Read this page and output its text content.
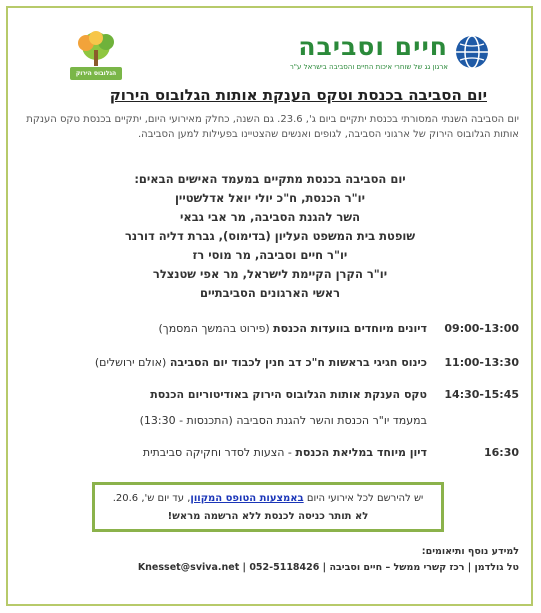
חיים וסביבה
ארגון גג של שוחרי איכות החיים והסביבה בישראל ע"ר
הגלובוס הירוק
יום הסביבה בכנסת וטקס הענקת אותות הגלובוס הירוק

יום הסביבה השנתי המסורתי בכנסת יתקיים ביום ג', 23.6. גם השנה, כחלק מאירועי היום, יתקיים בכנסת טקס הענקת אותות הגלובוס הירוק של ארגוני הסביבה, לגופים ואנשים שהצטיינו בפעילות למען הסביבה.

יום הסביבה בכנסת מתקיים במעמד האישים הבאים:
יו"ר הכנסת, ח"כ יולי יואל אדלשטיין
השר להגנת הסביבה, מר אבי גבאי
שופטת בית המשפט העליון (בדימוס), גברת דליה דורנר
יו"ר חיים וסביבה, מר מוסי רז
יו"ר הקרן הקיימת לישראל, מר אפי שטנצלר
ראשי הארגונים הסביבתיים
09:00-13:00
דיונים מיוחדים בוועדות הכנסת (פירוט בהמשך המסמך)
11:00-13:30
כינוס חגיגי בראשות ח"כ דב חנין לכבוד יום הסביבה (אולם ירושלים)
14:30-15:45
טקס הענקת אותות הגלובוס הירוק באודיטוריום הכנסת
במעמד יו"ר הכנסת והשר להגנת הסביבה (התכנסות - 13:30)
16:30
דיון מיוחד במליאת הכנסת - הצעות לסדר וחקיקה סביבתית
יש להירשם לכל אירועי היום באמצעות הטופס המקוון, עד יום ש', 20.6.
לא תותר כניסה לכנסת ללא הרשמה מראש!
למידע נוסף ותיאומים:
טל גולדמן | רכז קשרי ממשל – חיים וסביבה | Knesset@sviva.net | 052-5118426
